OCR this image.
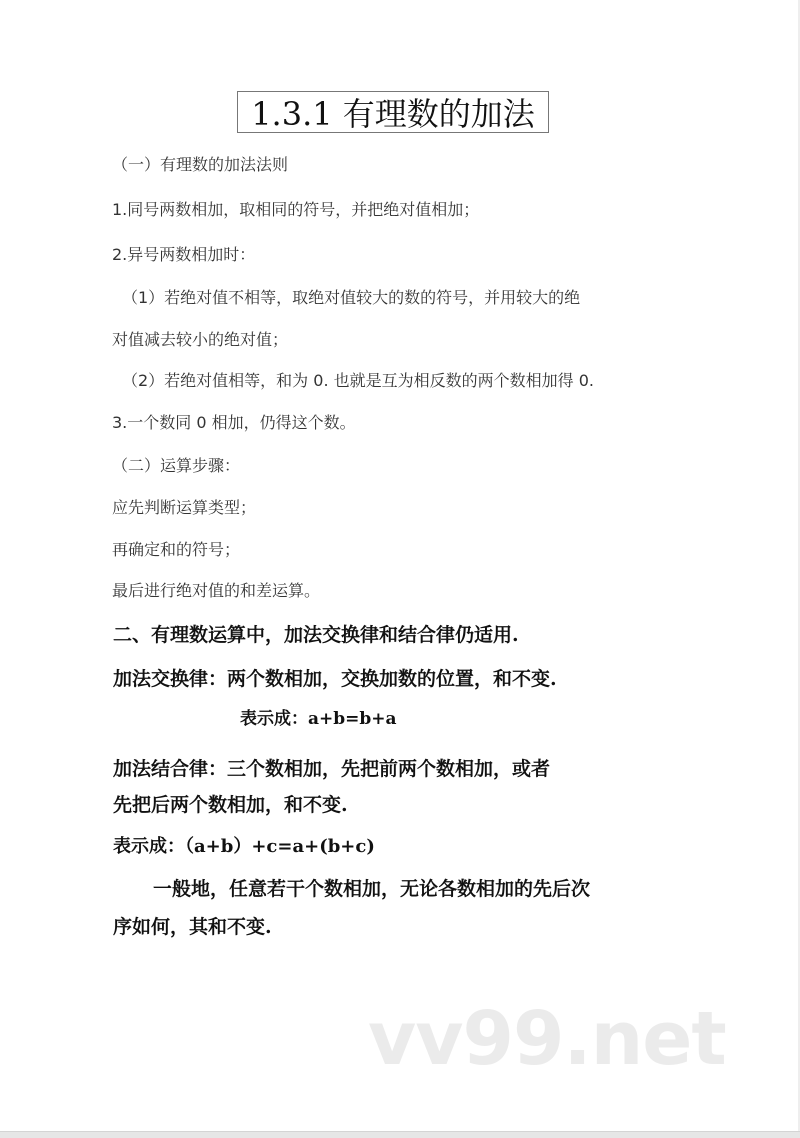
1.3.1 有理数的加法
（一）有理数的加法法则
1.同号两数相加，取相同的符号，并把绝对值相加；
2.异号两数相加时：
（1）若绝对值不相等，取绝对值较大的数的符号，并用较大的绝
对值减去较小的绝对值；
（2）若绝对值相等，和为 0. 也就是互为相反数的两个数相加得 0.
3.一个数同 0 相加，仍得这个数。
（二）运算步骤：
应先判断运算类型；
再确定和的符号；
最后进行绝对值的和差运算。
二、有理数运算中，加法交换律和结合律仍适用.
加法交换律：两个数相加，交换加数的位置，和不变.
表示成：a+b=b+a
加法结合律：三个数相加，先把前两个数相加，或者
先把后两个数相加，和不变.
表示成：（a+b）+c=a+(b+c)
一般地，任意若干个数相加，无论各数相加的先后次
序如何，其和不变.
vv99.net
